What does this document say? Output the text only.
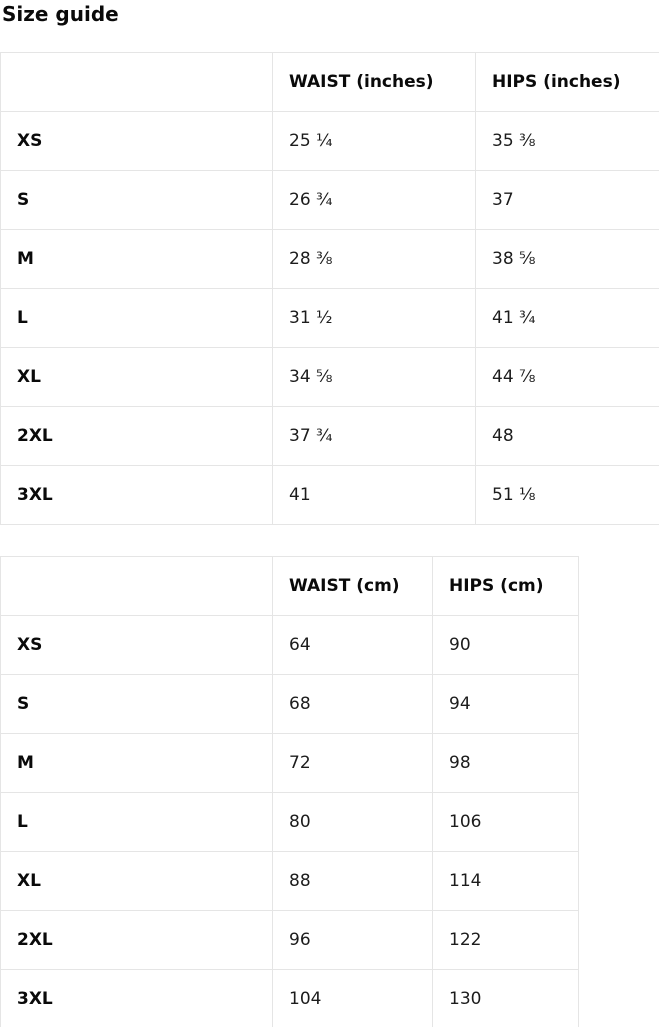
Size guide
	WAIST (inches)	HIPS (inches)
XS	25 ¼	35 ⅜
S	26 ¾	37
M	28 ⅜	38 ⅝
L	31 ½	41 ¾
XL	34 ⅝	44 ⅞
2XL	37 ¾	48
3XL	41	51 ⅛
	WAIST (cm)	HIPS (cm)
XS	64	90
S	68	94
M	72	98
L	80	106
XL	88	114
2XL	96	122
3XL	104	130
